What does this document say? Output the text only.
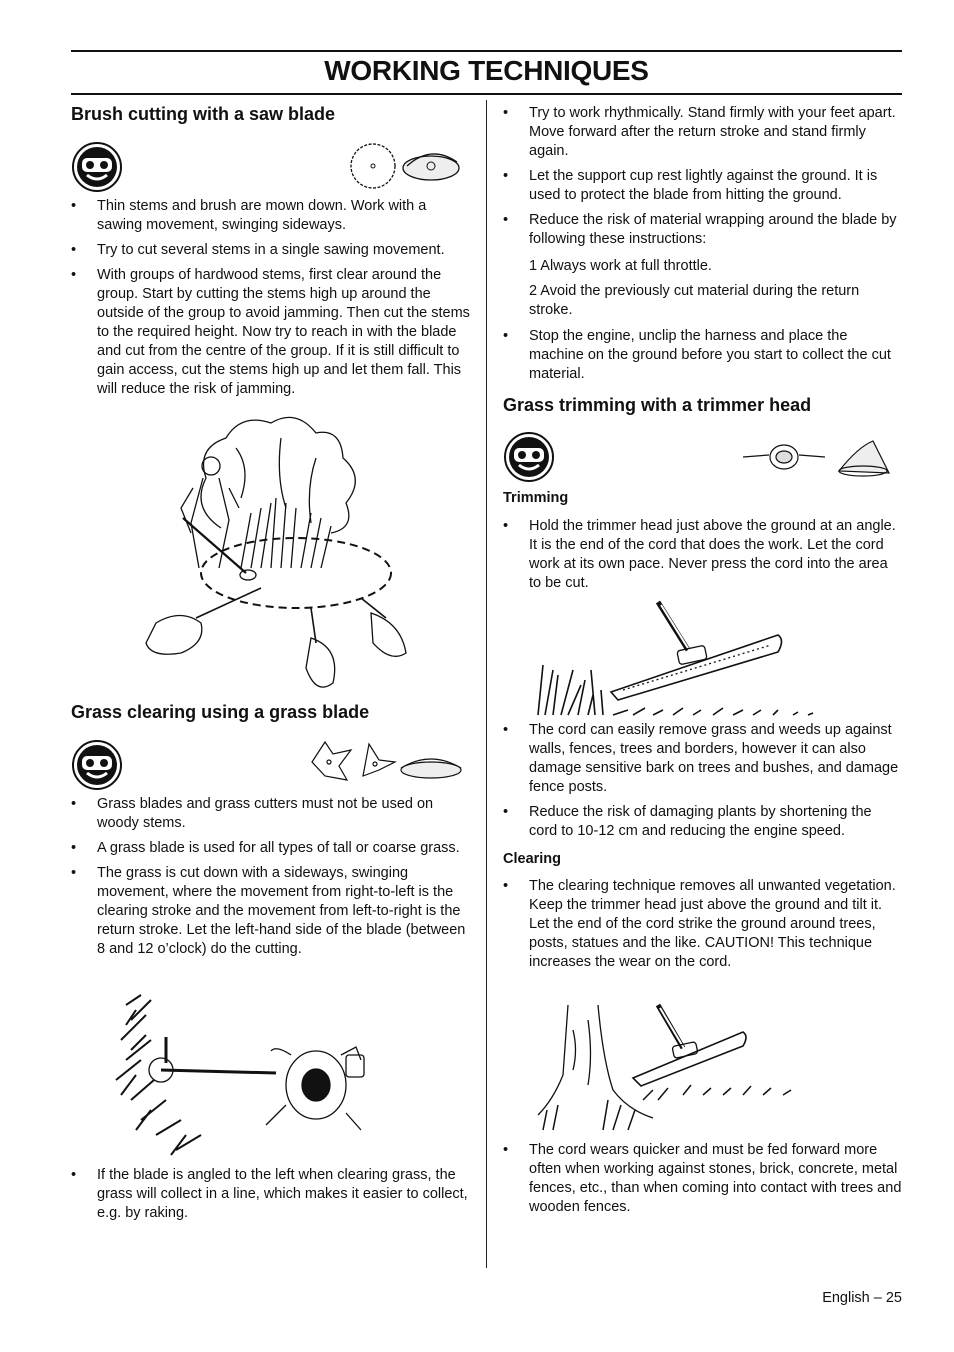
WORKING TECHNIQUES
Brush cutting with a saw blade
• Thin stems and brush are mown down. Work with a sawing movement, swinging sideways.
• Try to cut several stems in a single sawing movement.
• With groups of hardwood stems, first clear around the group. Start by cutting the stems high up around the outside of the group to avoid jamming. Then cut the stems to the required height. Now try to reach in with the blade and cut from the centre of the group. If it is still difficult to gain access, cut the stems high up and let them fall. This will reduce the risk of jamming.
Grass clearing using a grass blade
• Grass blades and grass cutters must not be used on woody stems.
• A grass blade is used for all types of tall or coarse grass.
• The grass is cut down with a sideways, swinging movement, where the movement from right-to-left is the clearing stroke and the movement from left-to-right is the return stroke. Let the left-hand side of the blade (between 8 and 12 o’clock) do the cutting.
• If the blade is angled to the left when clearing grass, the grass will collect in a line, which makes it easier to collect, e.g. by raking.
• Try to work rhythmically. Stand firmly with your feet apart. Move forward after the return stroke and stand firmly again.
• Let the support cup rest lightly against the ground. It is used to protect the blade from hitting the ground.
• Reduce the risk of material wrapping around the blade by following these instructions:

1 Always work at full throttle.

2 Avoid the previously cut material during the return stroke.

• Stop the engine, unclip the harness and place the machine on the ground before you start to collect the cut material.
Grass trimming with a trimmer head
Trimming
• Hold the trimmer head just above the ground at an angle. It is the end of the cord that does the work. Let the cord work at its own pace. Never press the cord into the area to be cut.
• The cord can easily remove grass and weeds up against walls, fences, trees and borders, however it can also damage sensitive bark on trees and bushes, and damage fence posts.
• Reduce the risk of damaging plants by shortening the cord to 10-12 cm and reducing the engine speed.
Clearing
• The clearing technique removes all unwanted vegetation. Keep the trimmer head just above the ground and tilt it. Let the end of the cord strike the ground around trees, posts, statues and the like. CAUTION! This technique increases the wear on the cord.
• The cord wears quicker and must be fed forward more often when working against stones, brick, concrete, metal fences, etc., than when coming into contact with trees and wooden fences.
English – 25
